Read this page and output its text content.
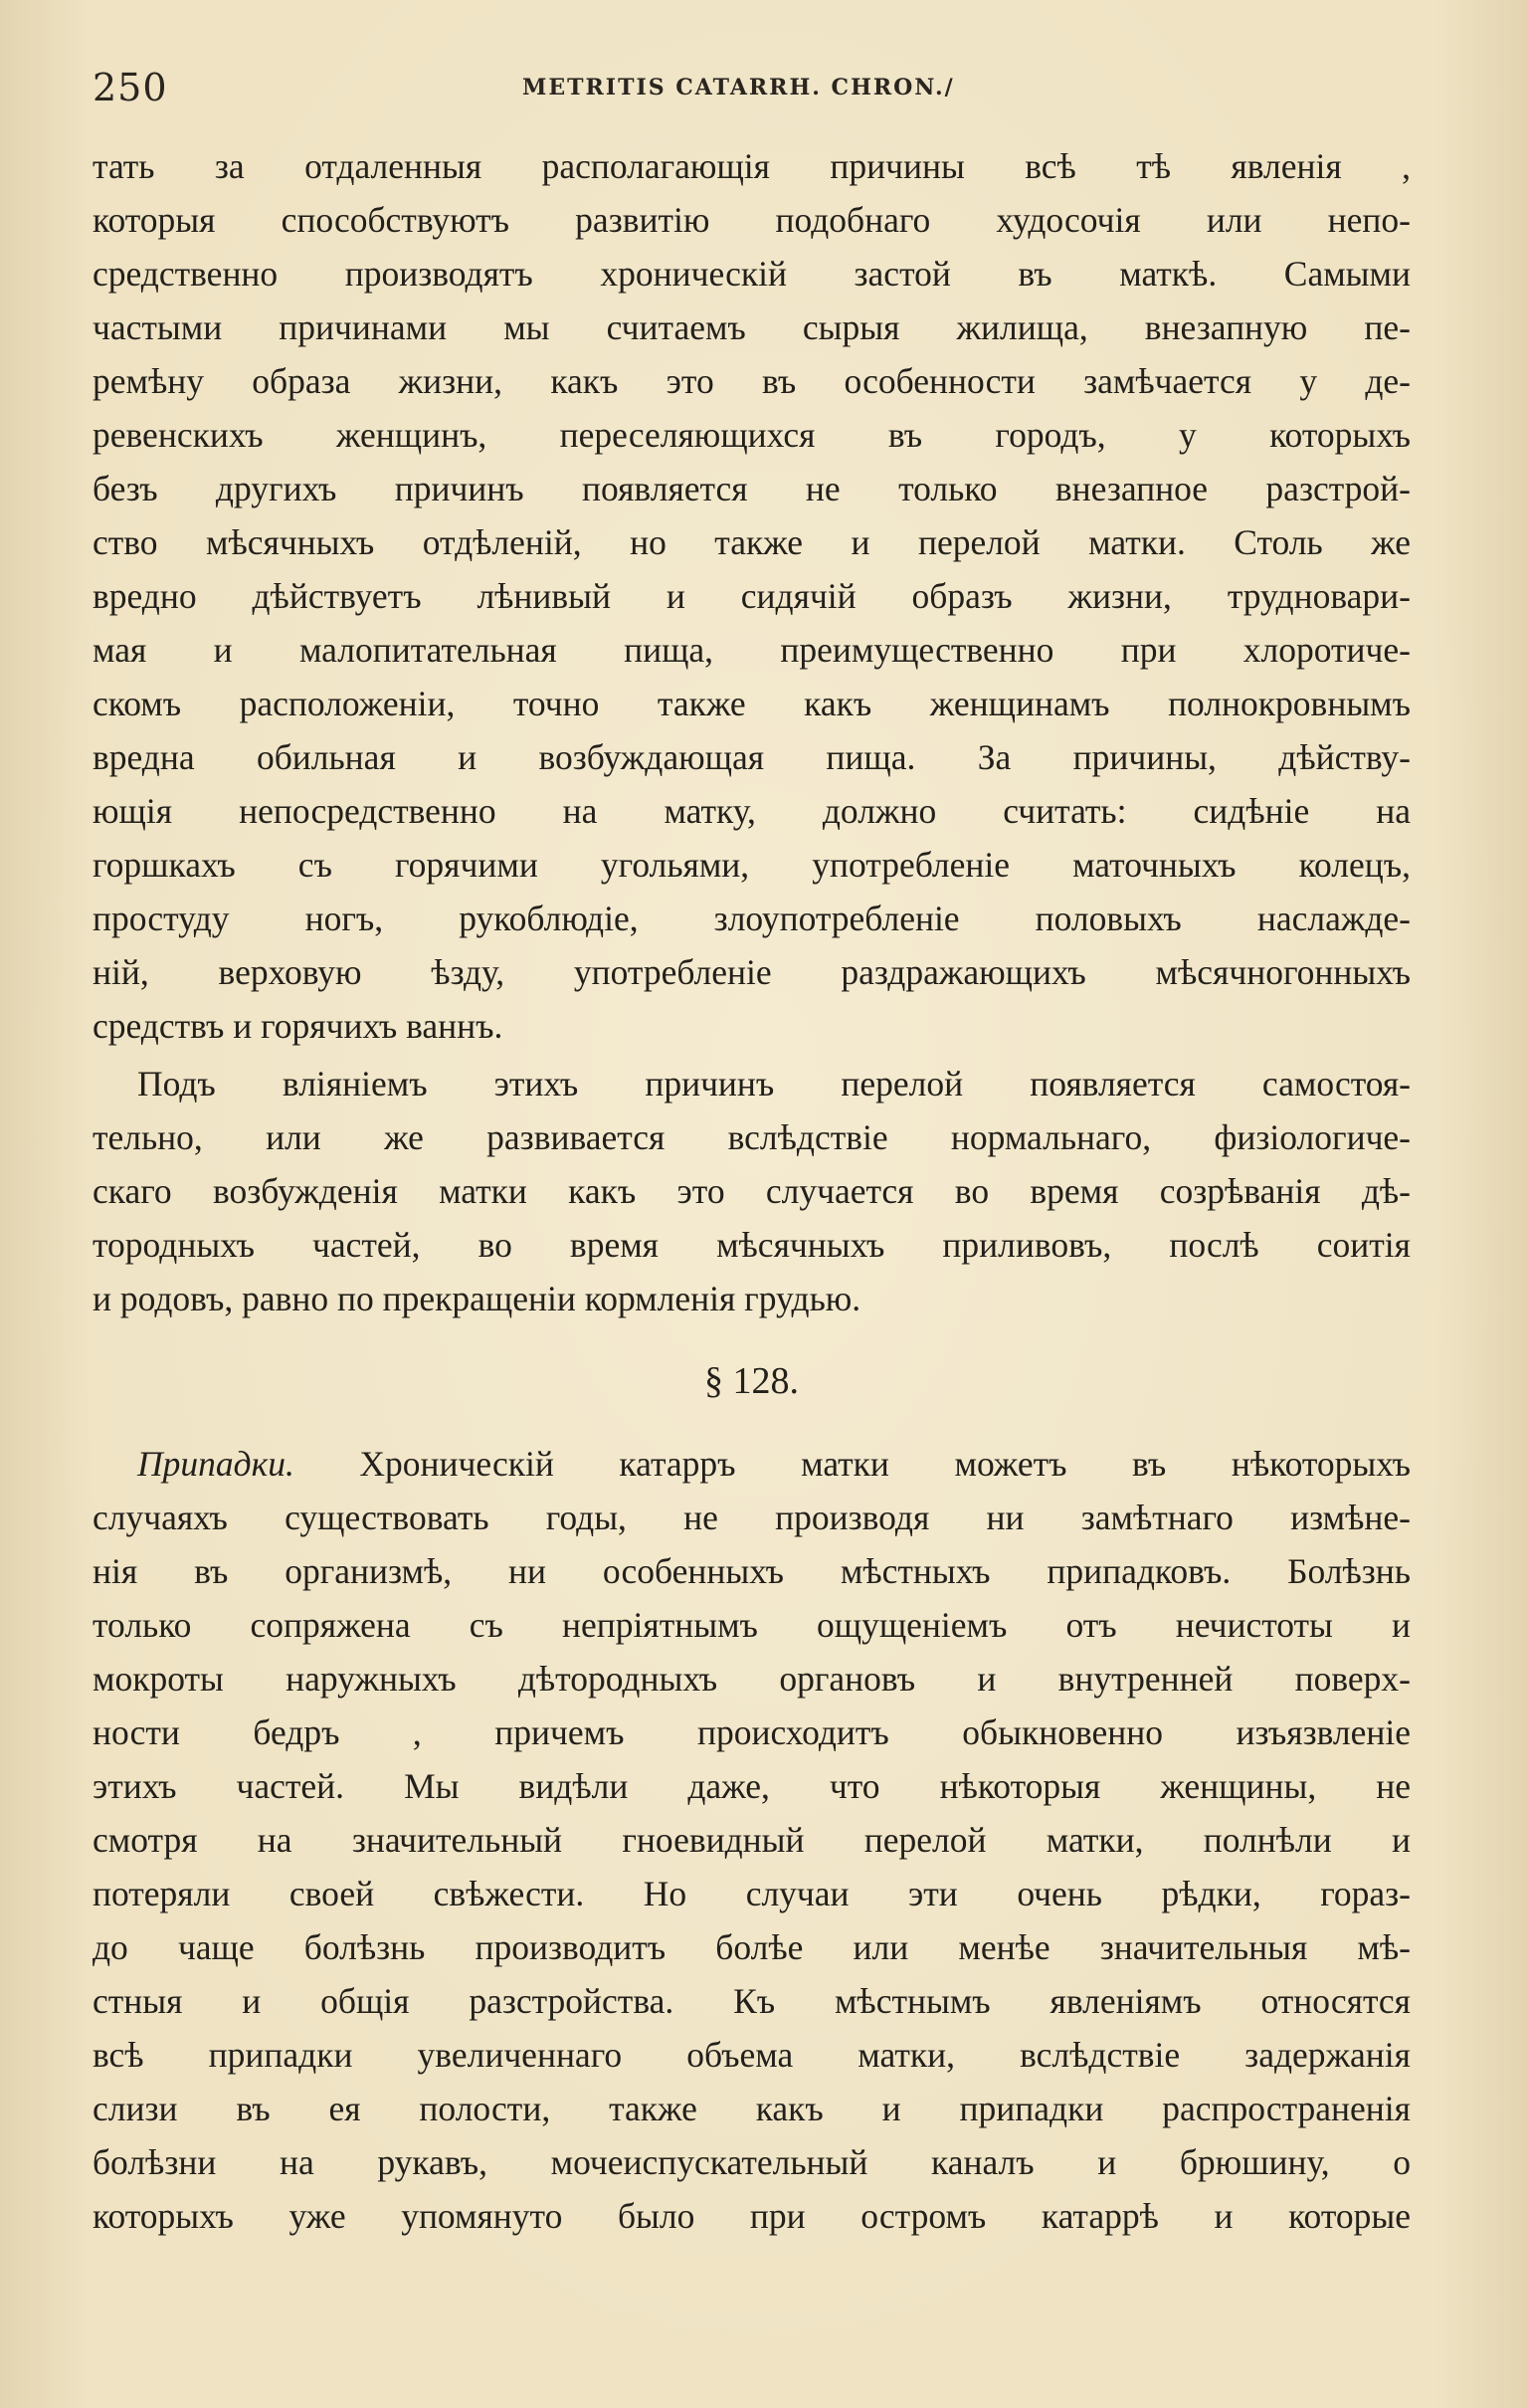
250	METRITIS CATARRH. CHRON./
тать за отдаленныя располагающія причины всѣ тѣ явленія ,
которыя способствуютъ развитію подобнаго худосочія или непо-
средственно производятъ хроническій застой въ маткѣ. Самыми
частыми причинами мы считаемъ сырыя жилища, внезапную пе-
ремѣну образа жизни, какъ это въ особенности замѣчается у де-
ревенскихъ женщинъ, переселяющихся въ городъ, у которыхъ
безъ другихъ причинъ появляется не только внезапное разстрой-
ство мѣсячныхъ отдѣленій, но также и перелой матки. Столь же
вредно дѣйствуетъ лѣнивый и сидячій образъ жизни, трудновари-
мая и малопитательная пища, преимущественно при хлоротиче-
скомъ расположеніи, точно также какъ женщинамъ полнокровнымъ
вредна обильная и возбуждающая пища. За причины, дѣйству-
ющія непосредственно на матку, должно считать: сидѣніе на
горшкахъ съ горячими угольями, употребленіе маточныхъ колецъ,
простуду ногъ, рукоблюдіе, злоупотребленіе половыхъ наслажде-
ній, верховую ѣзду, употребленіе раздражающихъ мѣсячногонныхъ
средствъ и горячихъ ваннъ.
Подъ вліяніемъ этихъ причинъ перелой появляется самостоя-
тельно, или же развивается вслѣдствіе нормальнаго, физіологиче-
скаго возбужденія матки какъ это случается во время созрѣванія дѣ-
тородныхъ частей, во время мѣсячныхъ приливовъ, послѣ соитія
и родовъ, равно по прекращеніи кормленія грудью.
§ 128.
Припадки. Хроническій катарръ матки можетъ въ нѣкоторыхъ
случаяхъ существовать годы, не производя ни замѣтнаго измѣне-
нія въ организмѣ, ни особенныхъ мѣстныхъ припадковъ. Болѣзнь
только сопряжена съ непріятнымъ ощущеніемъ отъ нечистоты и
мокроты наружныхъ дѣтородныхъ органовъ и внутренней поверх-
ности бедръ , причемъ происходитъ обыкновенно изъязвленіе
этихъ частей. Мы видѣли даже, что нѣкоторыя женщины, не
смотря на значительный гноевидный перелой матки, полнѣли и
потеряли своей свѣжести. Но случаи эти очень рѣдки, гораз-
до чаще болѣзнь производитъ болѣе или менѣе значительныя мѣ-
стныя и общія разстройства. Къ мѣстнымъ явленіямъ относятся
всѣ припадки увеличеннаго объема матки, вслѣдствіе задержанія
слизи въ ея полости, также какъ и припадки распространенія
болѣзни на рукавъ, мочеиспускательный каналъ и брюшину, о
которыхъ уже упомянуто было при остромъ катаррѣ и которые
